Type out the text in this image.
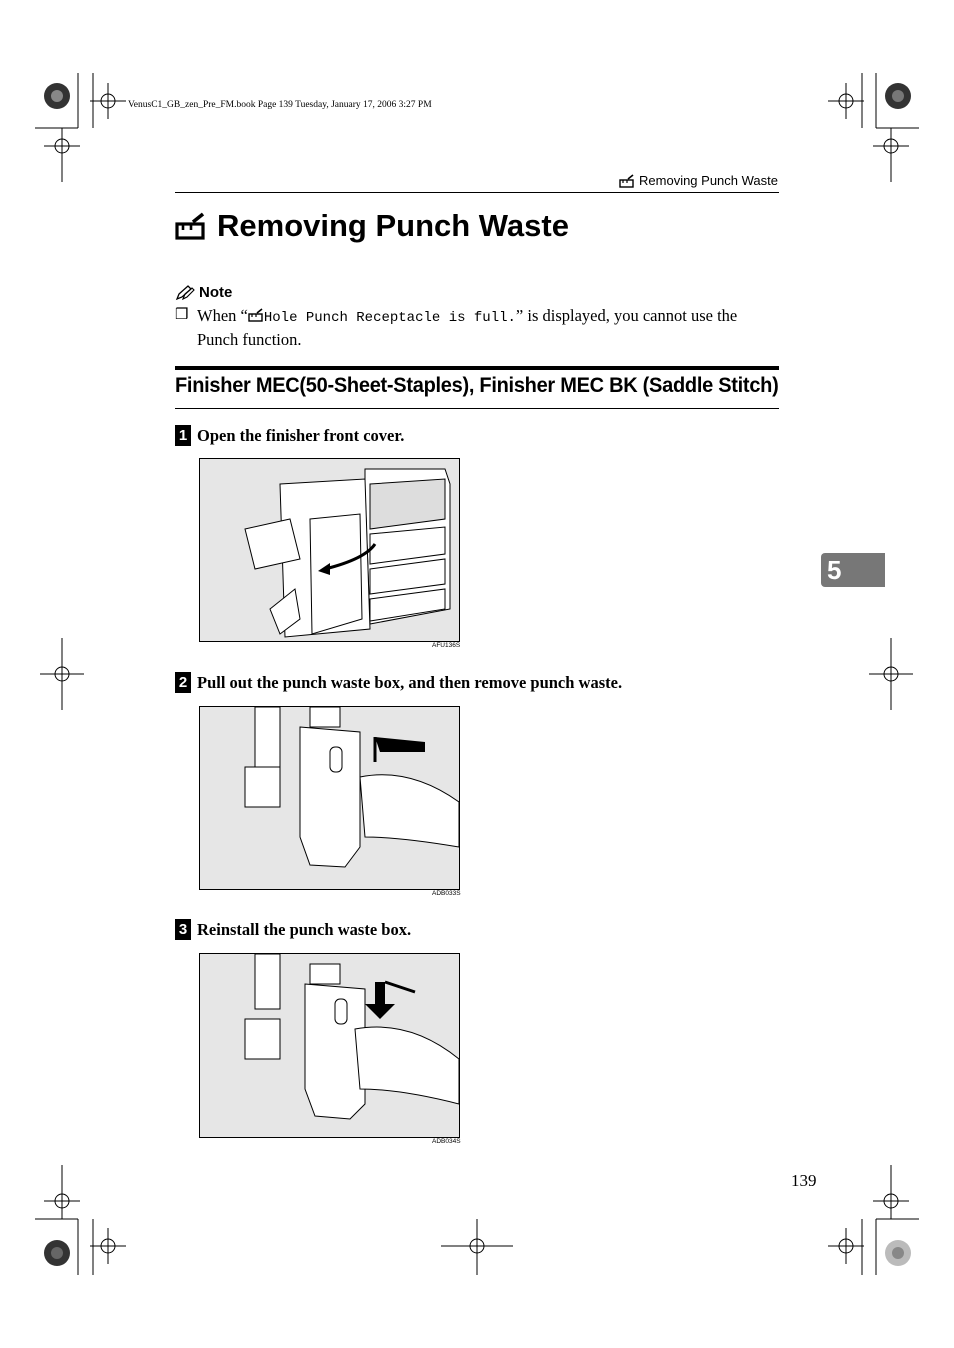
VenusC1_GB_zen_Pre_FM.book Page 139 Tuesday, January 17, 2006 3:27 PM
Removing Punch Waste
Removing Punch Waste
Note
❒ When “ Hole Punch Receptacle is full.” is displayed, you cannot use the Punch function.
Finisher MEC(50-Sheet-Staples), Finisher MEC BK (Saddle Stitch)
1 Open the finisher front cover.
AFU136S
2 Pull out the punch waste box, and then remove punch waste.
ADB033S
3 Reinstall the punch waste box.
ADB034S
5
139
